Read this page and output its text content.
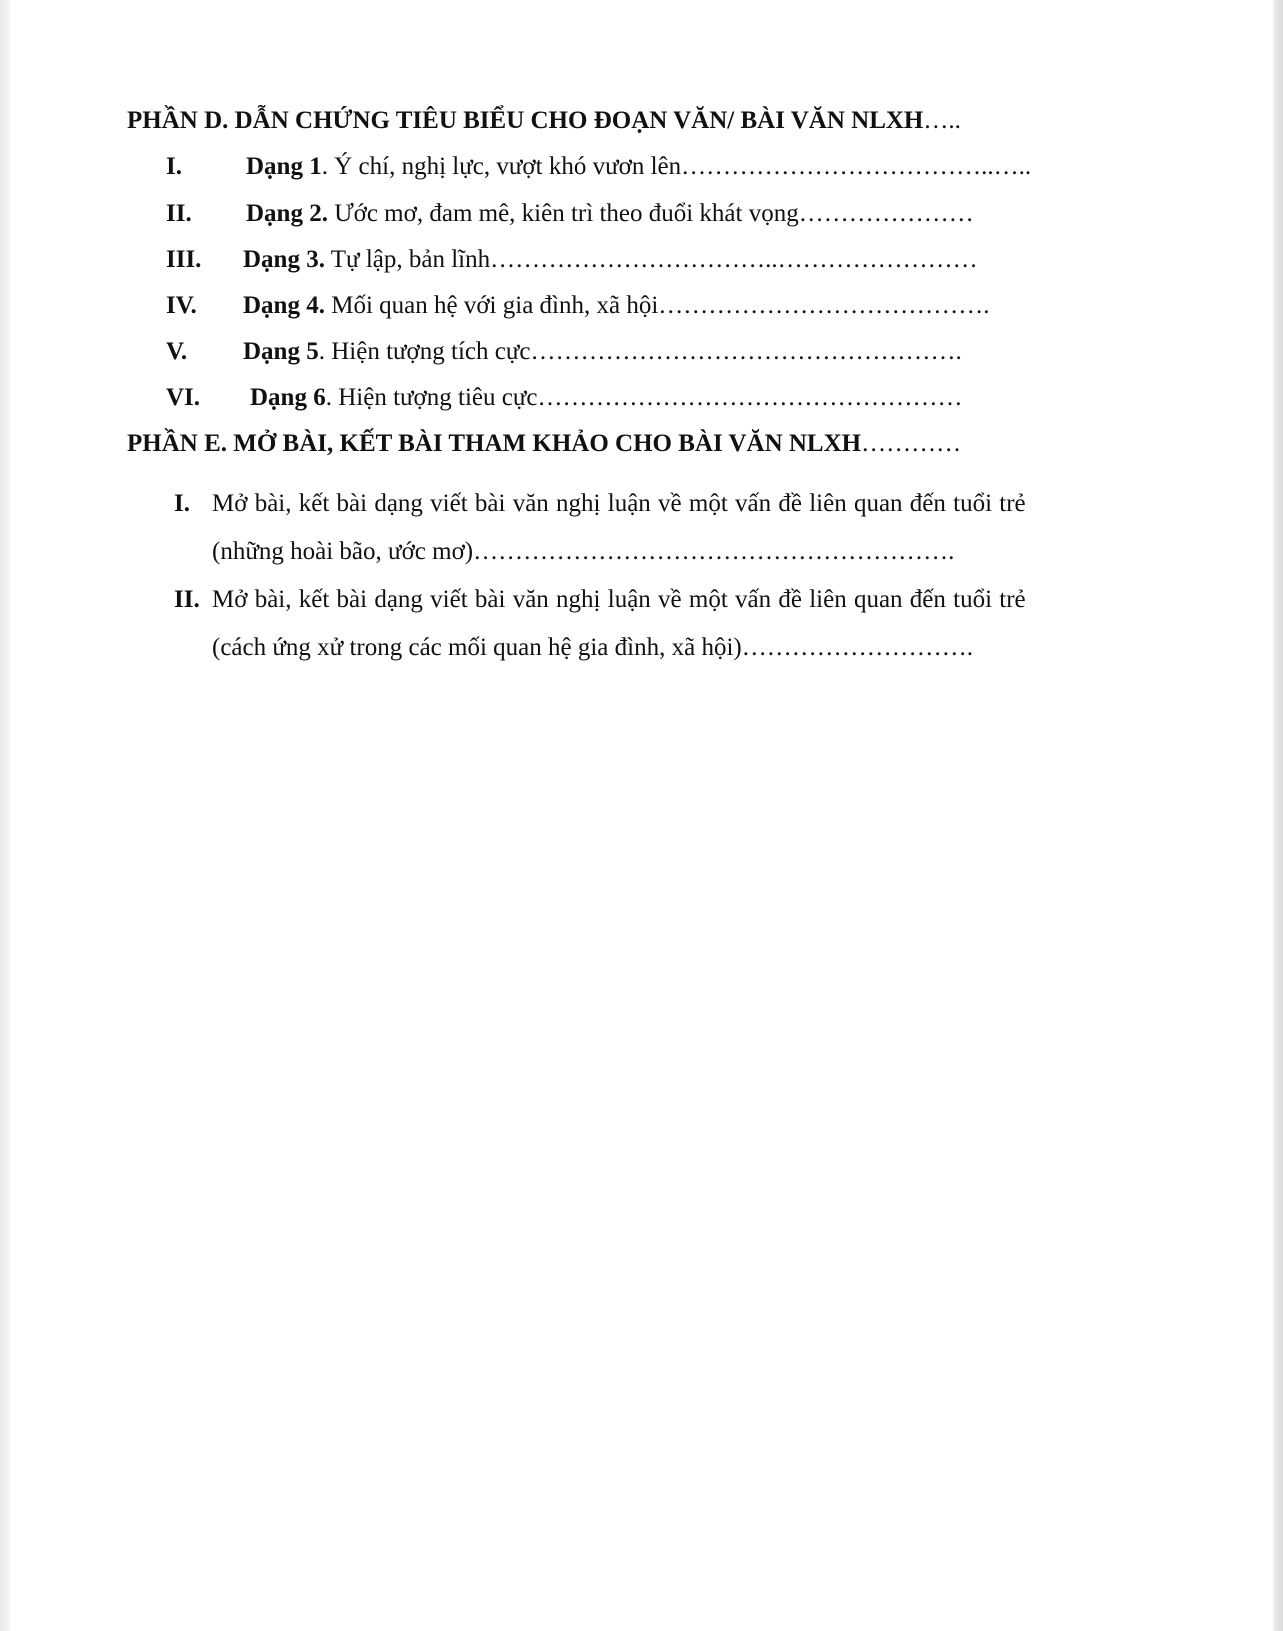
PHẦN D. DẪN CHỨNG TIÊU BIỂU CHO ĐOẠN VĂN/ BÀI VĂN NLXH…..
I.	Dạng 1. Ý chí, nghị lực, vượt khó vươn lên………………………………..…..
II. Dạng 2. Ước mơ, đam mê, kiên trì theo đuổi khát vọng…………………
III. Dạng 3. Tự lập, bản lĩnh……………………………..……………………
IV. Dạng 4. Mối quan hệ với gia đình, xã hội………………………………….
V. Dạng 5. Hiện tượng tích cực…………………………………………….
VI. Dạng 6. Hiện tượng tiêu cực……………………………………………
PHẦN E. MỞ BÀI, KẾT BÀI THAM KHẢO CHO BÀI VĂN NLXH…………
I. Mở bài, kết bài dạng viết bài văn nghị luận về một vấn đề liên quan đến tuổi trẻ
(những hoài bão, ước mơ)………………………………………………….
II. Mở bài, kết bài dạng viết bài văn nghị luận về một vấn đề liên quan đến tuổi trẻ
(cách ứng xử trong các mối quan hệ gia đình, xã hội)……………………….
